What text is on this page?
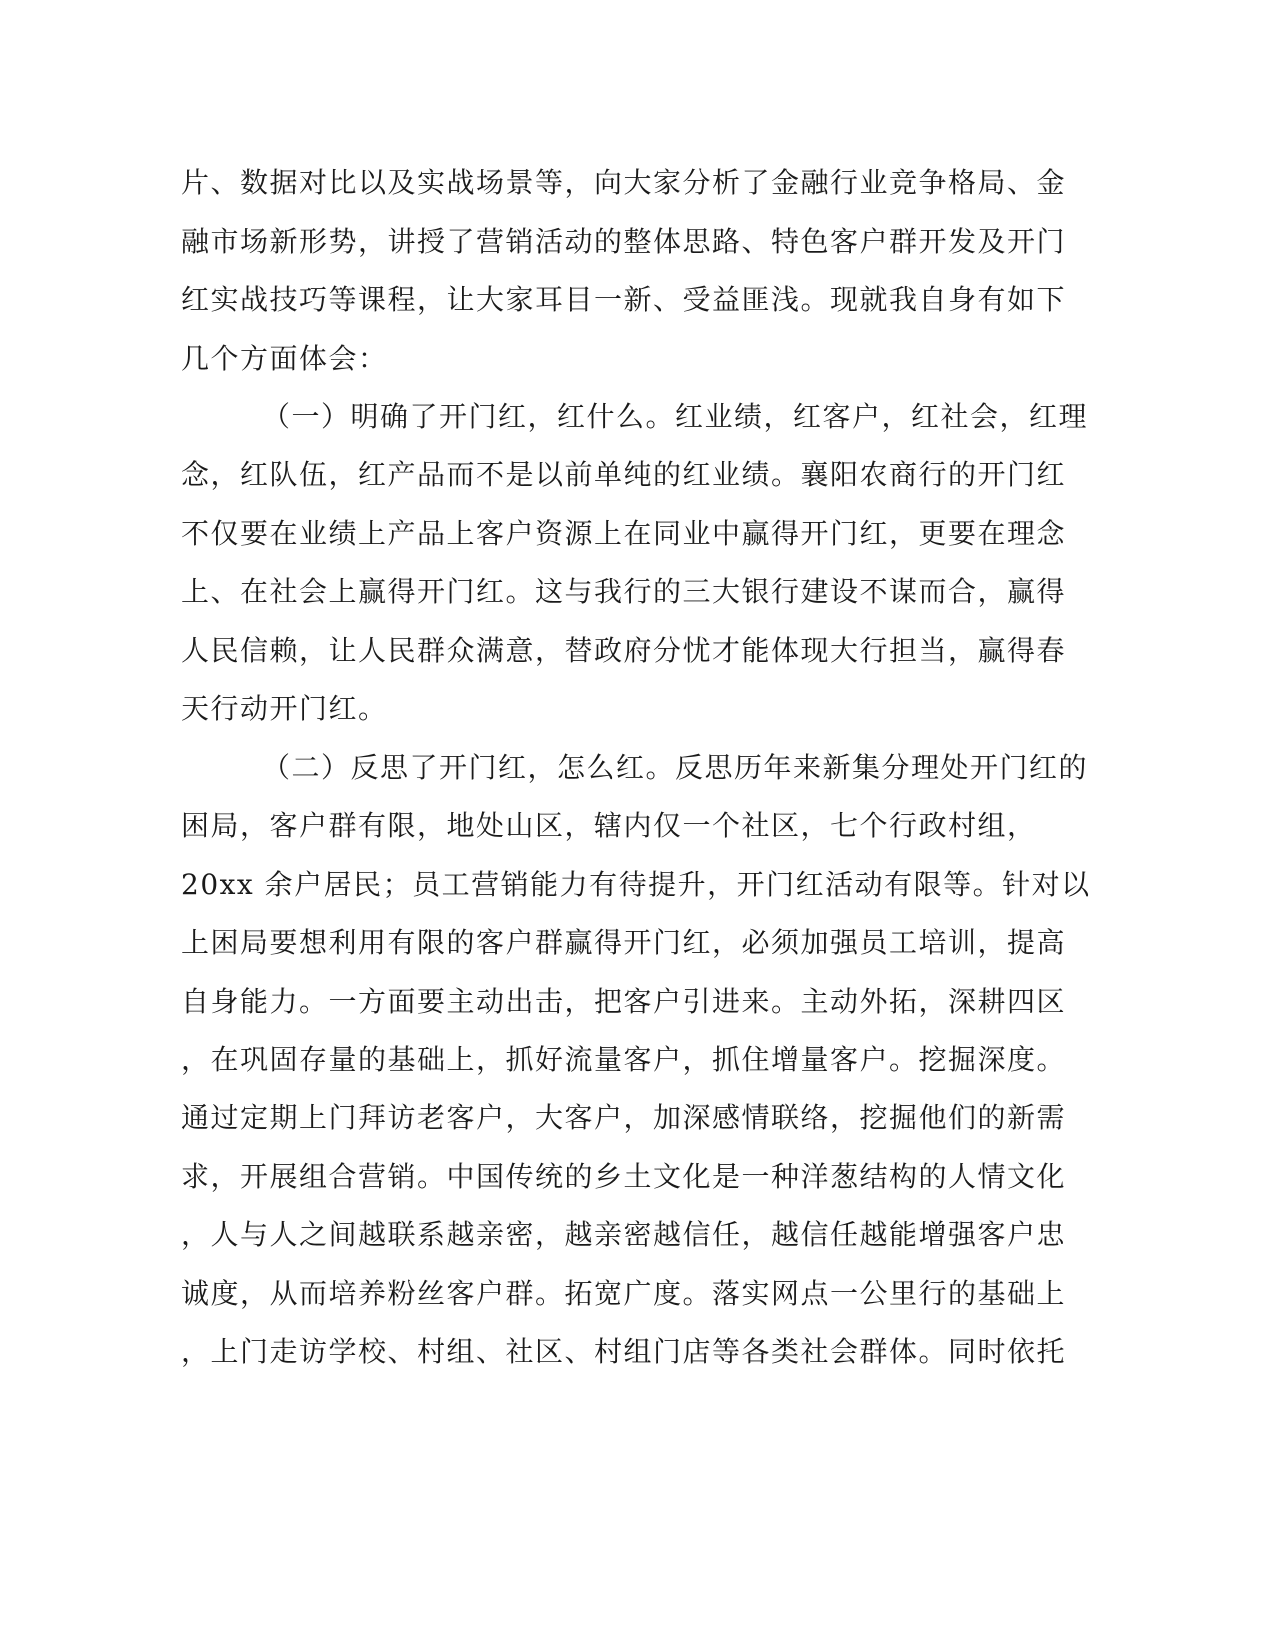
片、数据对比以及实战场景等，向大家分析了金融行业竞争格局、金
融市场新形势，讲授了营销活动的整体思路、特色客户群开发及开门
红实战技巧等课程，让大家耳目一新、受益匪浅。现就我自身有如下
几个方面体会：
（一）明确了开门红，红什么。红业绩，红客户，红社会，红理
念，红队伍，红产品而不是以前单纯的红业绩。襄阳农商行的开门红
不仅要在业绩上产品上客户资源上在同业中赢得开门红，更要在理念
上、在社会上赢得开门红。这与我行的三大银行建设不谋而合，赢得
人民信赖，让人民群众满意，替政府分忧才能体现大行担当，赢得春
天行动开门红。
（二）反思了开门红，怎么红。反思历年来新集分理处开门红的
困局，客户群有限，地处山区，辖内仅一个社区，七个行政村组，
20xx 余户居民；员工营销能力有待提升，开门红活动有限等。针对以
上困局要想利用有限的客户群赢得开门红，必须加强员工培训，提高
自身能力。一方面要主动出击，把客户引进来。主动外拓，深耕四区
，在巩固存量的基础上，抓好流量客户，抓住增量客户。挖掘深度。
通过定期上门拜访老客户，大客户，加深感情联络，挖掘他们的新需
求，开展组合营销。中国传统的乡土文化是一种洋葱结构的人情文化
，人与人之间越联系越亲密，越亲密越信任，越信任越能增强客户忠
诚度，从而培养粉丝客户群。拓宽广度。落实网点一公里行的基础上
，上门走访学校、村组、社区、村组门店等各类社会群体。同时依托
